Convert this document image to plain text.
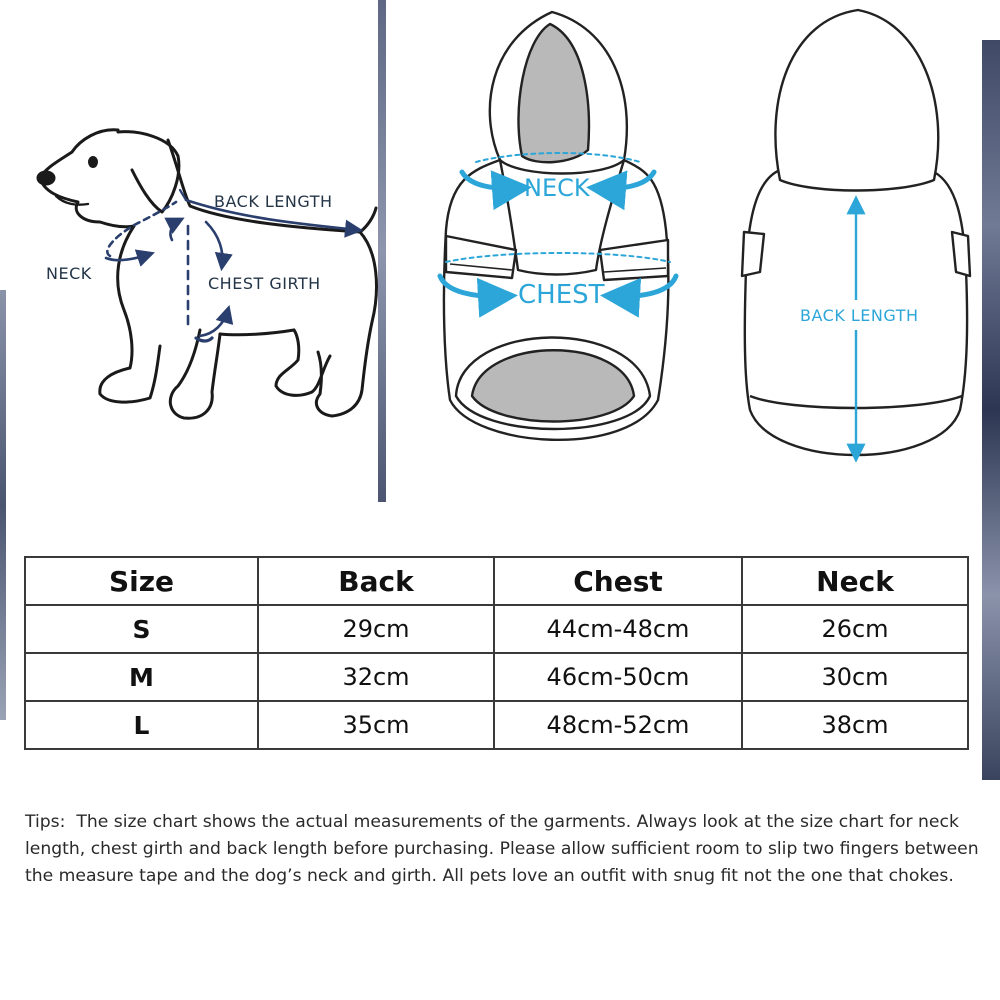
BACK LENGTH
NECK
CHEST GIRTH
NECK
CHEST
BACK LENGTH
Size	Back	Chest	Neck
S	29cm	44cm-48cm	26cm
M	32cm	46cm-50cm	30cm
L	35cm	48cm-52cm	38cm
Tips: The size chart shows the actual measurements of the garments. Always look at the size chart for neck length, chest girth and back length before purchasing. Please allow sufficient room to slip two fingers between the measure tape and the dog’s neck and girth. All pets love an outfit with snug fit not the one that chokes.
